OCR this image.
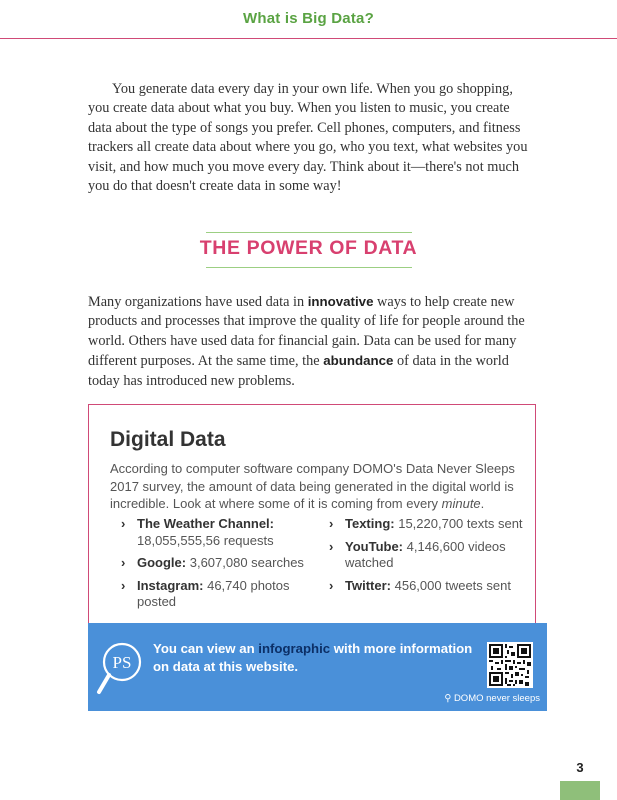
What is Big Data?
You generate data every day in your own life. When you go shopping, you create data about what you buy. When you listen to music, you create data about the type of songs you prefer. Cell phones, computers, and fitness trackers all create data about where you go, who you text, what websites you visit, and how much you move every day. Think about it—there's not much you do that doesn't create data in some way!
THE POWER OF DATA
Many organizations have used data in innovative ways to help create new products and processes that improve the quality of life for people around the world. Others have used data for financial gain. Data can be used for many different purposes. At the same time, the abundance of data in the world today has introduced new problems.
Digital Data
According to computer software company DOMO's Data Never Sleeps 2017 survey, the amount of data being generated in the digital world is incredible. Look at where some of it is coming from every minute.
› The Weather Channel:
18,055,555,56 requests
› Google: 3,607,080 searches
› Instagram: 46,740 photos posted
› Texting: 15,220,700 texts sent
› YouTube: 4,146,600 videos watched
› Twitter: 456,000 tweets sent
PS
You can view an infographic with more information on data at this website.
⚲ DOMO never sleeps
3
